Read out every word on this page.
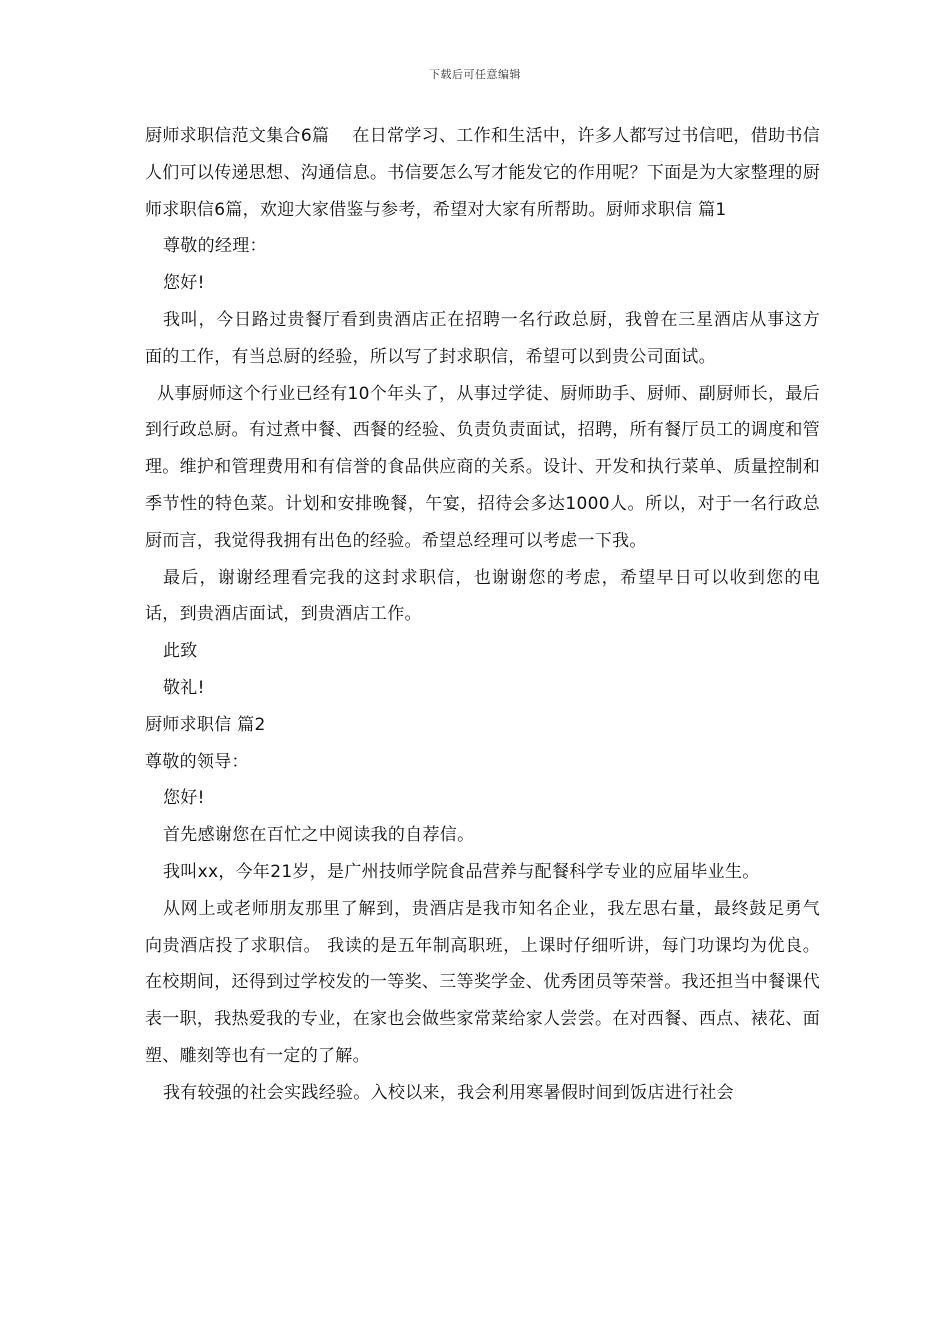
下载后可任意编辑

厨师求职信范文集合6篇　 在日常学习、工作和生活中，许多人都写过书信吧，借助书信人们可以传递思想、沟通信息。书信要怎么写才能发它的作用呢？下面是为大家整理的厨师求职信6篇，欢迎大家借鉴与参考，希望对大家有所帮助。厨师求职信 篇1

尊敬的经理：

您好!

我叫，今日路过贵餐厅看到贵酒店正在招聘一名行政总厨，我曾在三星酒店从事这方面的工作，有当总厨的经验，所以写了封求职信，希望可以到贵公司面试。

从事厨师这个行业已经有10个年头了，从事过学徒、厨师助手、厨师、副厨师长，最后到行政总厨。有过煮中餐、西餐的经验、负责负责面试，招聘，所有餐厅员工的调度和管理。维护和管理费用和有信誉的食品供应商的关系。设计、开发和执行菜单、质量控制和季节性的特色菜。计划和安排晚餐，午宴，招待会多达1000人。所以，对于一名行政总厨而言，我觉得我拥有出色的经验。希望总经理可以考虑一下我。

最后，谢谢经理看完我的这封求职信，也谢谢您的考虑，希望早日可以收到您的电话，到贵酒店面试，到贵酒店工作。

此致

敬礼!

厨师求职信 篇2

尊敬的领导：

您好!

首先感谢您在百忙之中阅读我的自荐信。

我叫xx，今年21岁，是广州技师学院食品营养与配餐科学专业的应届毕业生。

从网上或老师朋友那里了解到，贵酒店是我市知名企业，我左思右量，最终鼓足勇气向贵酒店投了求职信。 我读的是五年制高职班，上课时仔细听讲，每门功课均为优良。在校期间，还得到过学校发的一等奖、三等奖学金、优秀团员等荣誉。我还担当中餐课代表一职，我热爱我的专业，在家也会做些家常菜给家人尝尝。在对西餐、西点、裱花、面塑、雕刻等也有一定的了解。

我有较强的社会实践经验。入校以来，我会利用寒暑假时间到饭店进行社会
